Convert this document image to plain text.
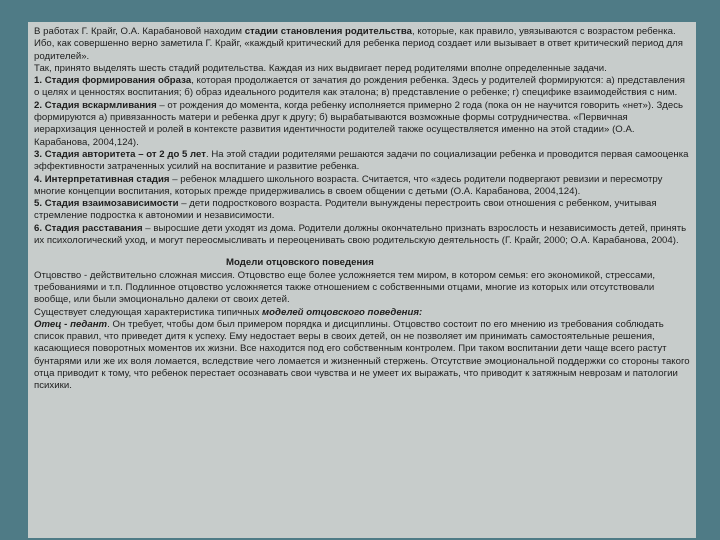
В работах Г. Крайг, О.А. Карабановой находим стадии становления родительства, которые, как правило, увязываются с возрастом ребенка. Ибо, как совершенно верно заметила Г. Крайг, «каждый критический для ребенка период создает или вызывает в ответ критический период для родителей».

Так, принято выделять шесть стадий родительства. Каждая из них выдвигает перед родителями вполне определенные задачи.

1. Стадия формирования образа, которая продолжается от зачатия до рождения ребенка. Здесь у родителей формируются: а) представления о целях и ценностях воспитания; б) образ идеального родителя как эталона; в) представление о ребенке; г) специфике взаимодействия с ним.

2. Стадия вскармливания – от рождения до момента, когда ребенку исполняется примерно 2 года (пока он не научится говорить «нет»). Здесь формируются а) привязанность матери и ребенка друг к другу; б) вырабатываются возможные формы сотрудничества. «Первичная иерархизация ценностей и ролей в контексте развития идентичности родителей также осуществляется именно на этой стадии» (О.А. Карабанова, 2004,124).

3. Стадия авторитета – от 2 до 5 лет. На этой стадии родителями решаются задачи по социализации ребенка и проводится первая самооценка эффективности затраченных усилий на воспитание и развитие ребенка.

4. Интерпретативная стадия – ребенок младшего школьного возраста. Считается, что «здесь родители подвергают ревизии и пересмотру многие концепции воспитания, которых прежде придерживались в своем общении с детьми (О.А. Карабанова, 2004,124).

5. Стадия взаимозависимости – дети подросткового возраста. Родители вынуждены перестроить свои отношения с ребенком, учитывая стремление подростка к автономии и независимости.

6. Стадия расставания – выросшие дети уходят из дома. Родители должны окончательно признать взрослость и независимость детей, принять их психологический уход, и могут переосмысливать и переоценивать свою родительскую деятельность (Г. Крайг, 2000; О.А. Карабанова, 2004).

Модели отцовского поведения

Отцовство - действительно сложная миссия. Отцовство еще более усложняется тем миром, в котором семья: его экономикой, стрессами, требованиями и т.п. Подлинное отцовство усложняется также отношением с собственными отцами, многие из которых или отсутствовали вообще, или были эмоционально далеки от своих детей.

Существует следующая характеристика типичных моделей отцовского поведения:

Отец - педант. Он требует, чтобы дом был примером порядка и дисциплины. Отцовство состоит по его мнению из требования соблюдать список правил, что приведет дитя к успеху. Ему недостает веры в своих детей, он не позволяет им принимать самостоятельные решения, касающиеся поворотных моментов их жизни. Все находится под его собственным контролем. При таком воспитании дети чаще всего растут бунтарями или же их воля ломается, вследствие чего ломается и жизненный стержень. Отсутствие эмоциональной поддержки со стороны такого отца приводит к тому, что ребенок перестает осознавать свои чувства и не умеет их выражать, что приводит к затяжным неврозам и патологии психики.
